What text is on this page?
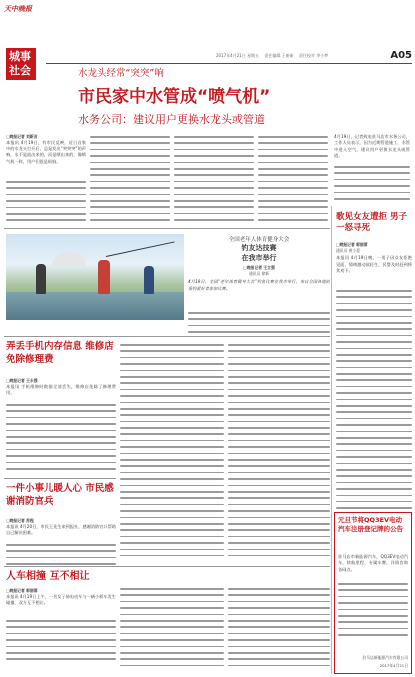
天中晚报
城事
社会
2017年4月21日 星期五 责任编辑 王新新 责任校对 李小梦	A05
水龙头经常“突突”响
市民家中水管成“喷气机”
水务公司：建议用户更换水龙头或管道
□晚报记者 刘新言
本报讯 4月19日，有市民反映，近日自家中的水龙头打开后，总是发出“突突突”的声响，水不是流出来的，而是喷出来的，像喷气机一样，用户们很是烦恼。
4月19日，记者致电驻马店市水务公司，工作人员表示，因为近期管道施工，水管中进入空气，建议用户更换水龙头或管道。
歌见女友遭拒 男子一怒寻死
□晚报记者 郭丽蓉
通讯员 黄小蒙
本报讯 4月19日晚，一男子因女友拒绝见面，情绪激动欲轻生，民警及时赶到将其劝下。
全国老年人体育健身大会
钓友达技赛
在我市举行
□晚报记者 王立强
通讯员 徐新
4月19日，全国“老年体育健身大会”钓鱼比赛在我市举行，来自全国各地的垂钓爱好者参加比赛。
弄丢手机内存信息 维修店免除修理费
□晚报记者 王永强
本报讯 手机维修时数据全部丢失，维修店免除了修理费用。
一件小事儿暖人心 市民感谢消防官兵
□晚报记者 苏程
本报讯 4月20日，市民王先生来到报社，感谢消防官兵帮助自己解决困难。
人车相撞 互不相让
□晚报记者 郭丽蓉
本报讯 4月19日上午，一名女子骑电动车与一辆小轿车发生碰撞，双方互不相让。
元旦节将QQ3EV电动汽车注册登记牌的公告
驻马店市新能源汽车，QQ3EV电动汽车，续航里程，专属车牌，详情咨询各网点。
驻马店新能源汽车有限公司
2017年4月21日
